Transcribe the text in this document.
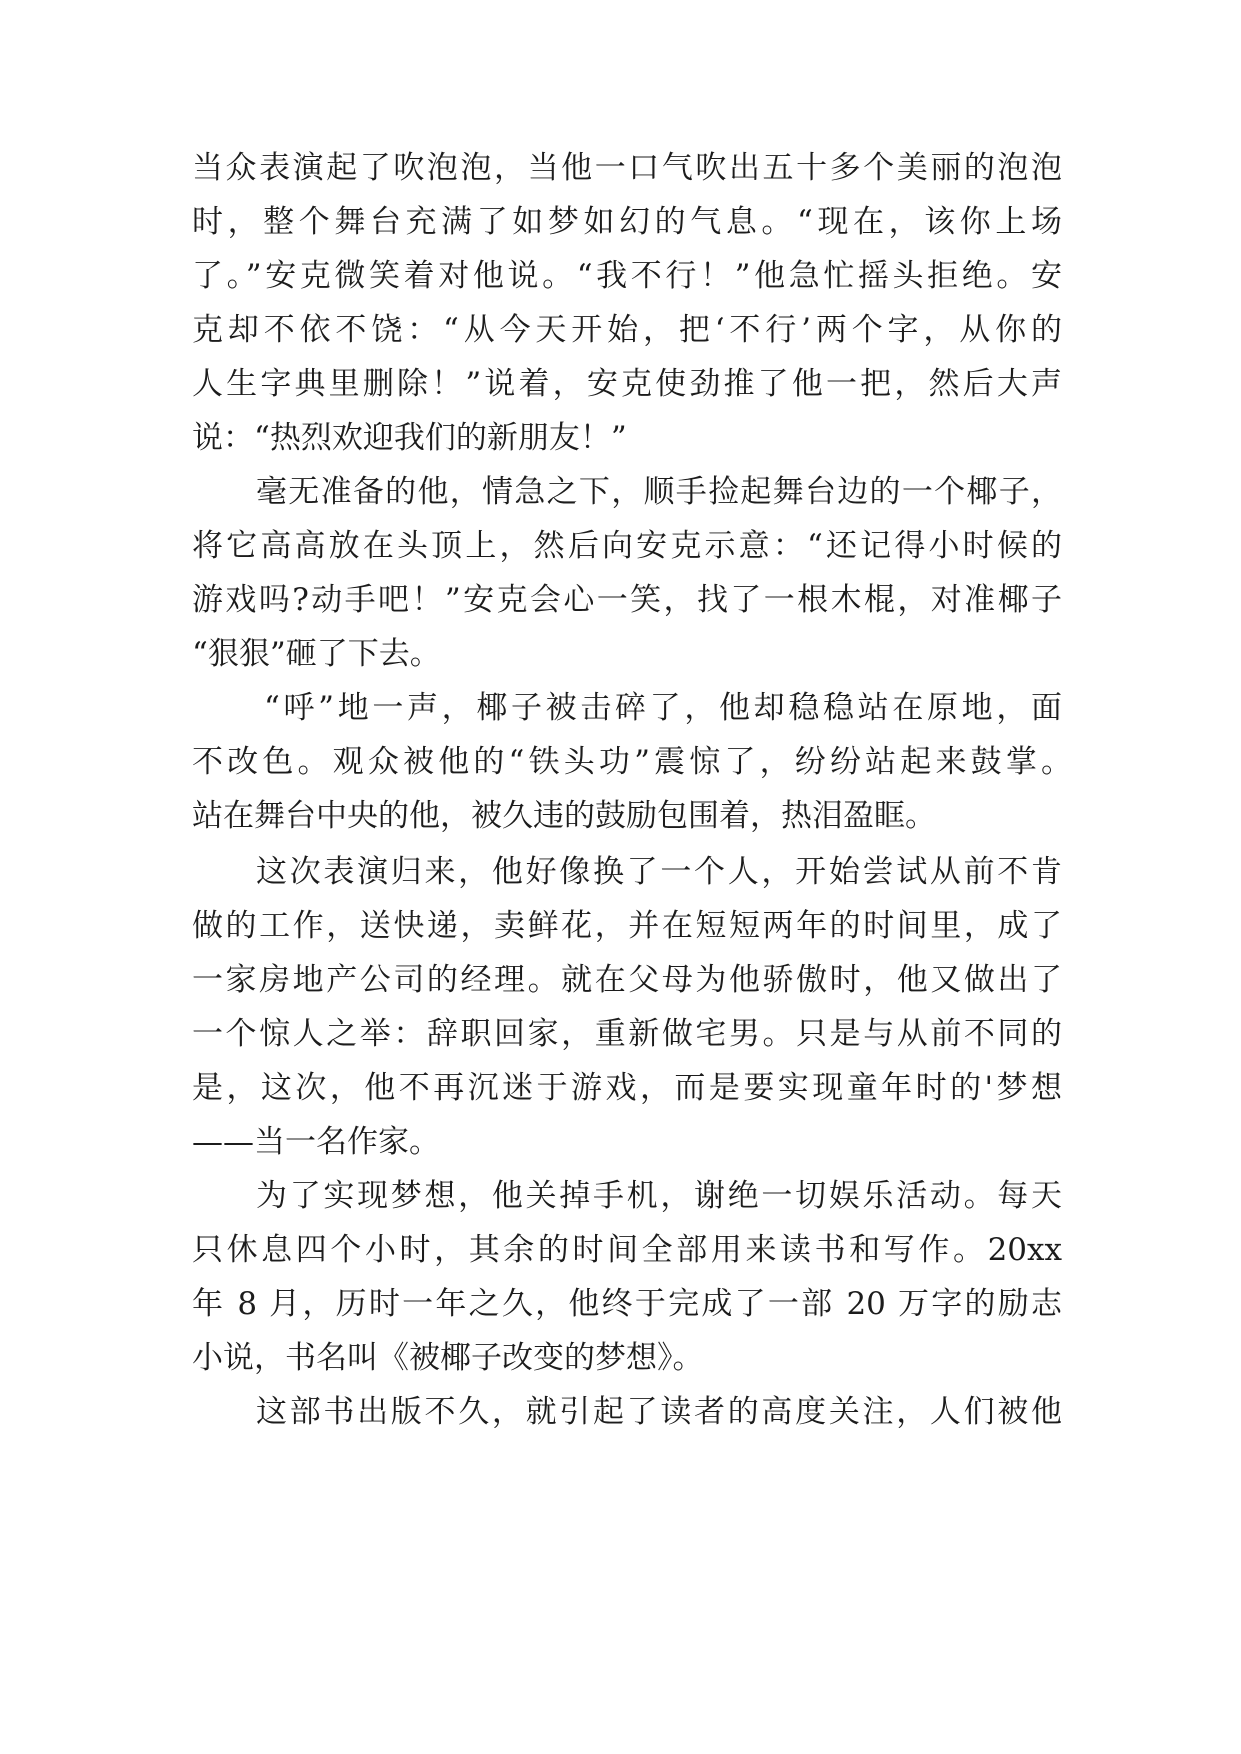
当众表演起了吹泡泡，当他一口气吹出五十多个美丽的泡泡
时，整个舞台充满了如梦如幻的气息。“现在，该你上场
了。”安克微笑着对他说。“我不行！”他急忙摇头拒绝。安
克却不依不饶：“从今天开始，把‘不行’两个字，从你的
人生字典里删除！”说着，安克使劲推了他一把，然后大声
说：“热烈欢迎我们的新朋友！”
毫无准备的他，情急之下，顺手捡起舞台边的一个椰子，
将它高高放在头顶上，然后向安克示意：“还记得小时候的
游戏吗?动手吧！”安克会心一笑，找了一根木棍，对准椰子
“狠狠”砸了下去。
“呼”地一声，椰子被击碎了，他却稳稳站在原地，面
不改色。观众被他的“铁头功”震惊了，纷纷站起来鼓掌。
站在舞台中央的他，被久违的鼓励包围着，热泪盈眶。
这次表演归来，他好像换了一个人，开始尝试从前不肯
做的工作，送快递，卖鲜花，并在短短两年的时间里，成了
一家房地产公司的经理。就在父母为他骄傲时，他又做出了
一个惊人之举：辞职回家，重新做宅男。只是与从前不同的
是，这次，他不再沉迷于游戏，而是要实现童年时的'梦想
——当一名作家。
为了实现梦想，他关掉手机，谢绝一切娱乐活动。每天
只休息四个小时，其余的时间全部用来读书和写作。20xx
年 8 月，历时一年之久，他终于完成了一部 20 万字的励志
小说，书名叫《被椰子改变的梦想》。
这部书出版不久，就引起了读者的高度关注，人们被他
